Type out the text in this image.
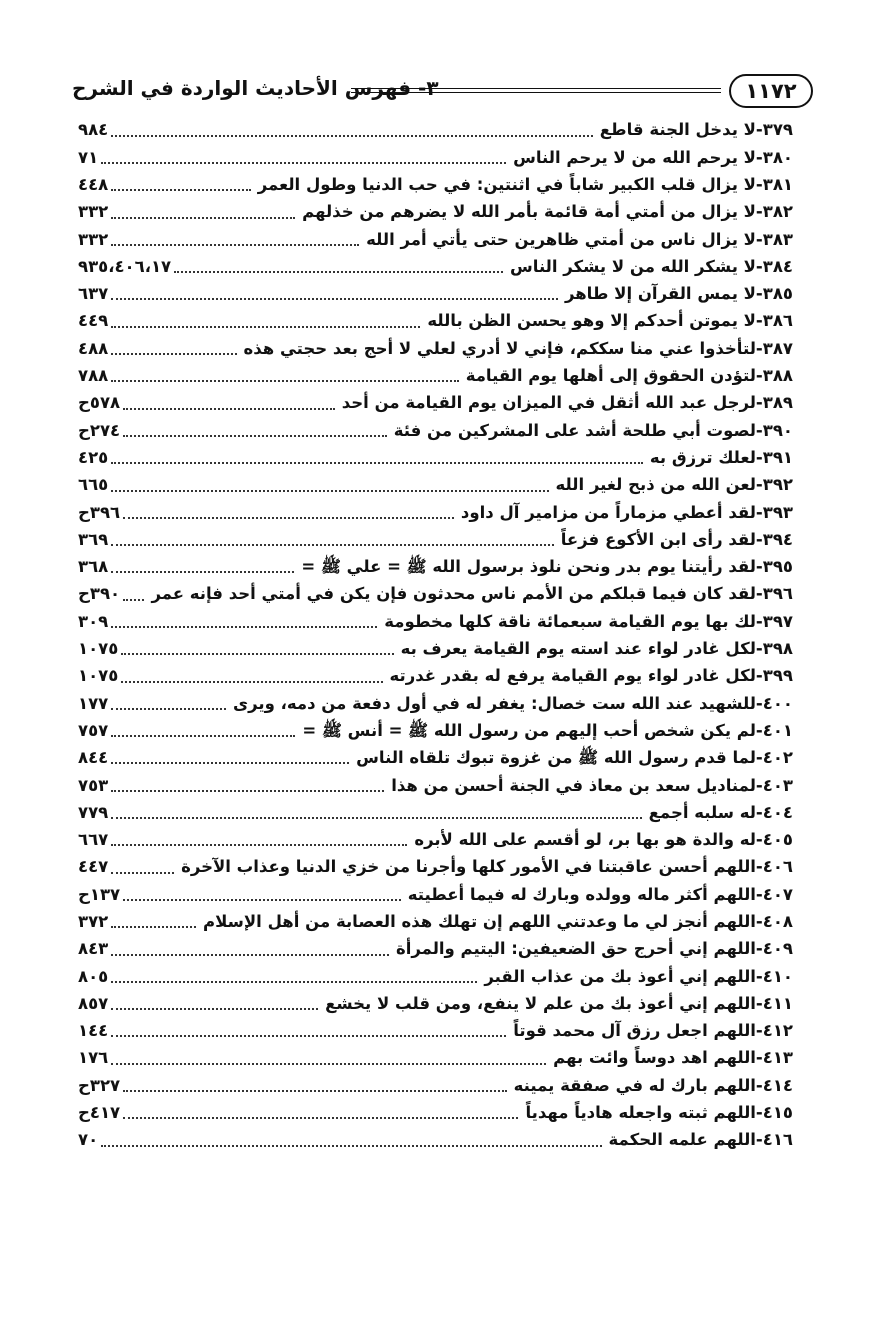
١١٧٢
٣- فهرس الأحاديث الواردة في الشرح
٣٧٩-لا يدخل الجنة قاطع
٩٨٤
٣٨٠-لا يرحم الله من لا يرحم الناس
٧١
٣٨١-لا يزال قلب الكبير شاباً في اثنتين: في حب الدنيا وطول العمر
٤٤٨
٣٨٢-لا يزال من أمتي أمة قائمة بأمر الله لا يضرهم من خذلهم
٣٣٢
٣٨٣-لا يزال ناس من أمتي ظاهرين حتى يأتي أمر الله
٣٣٢
٣٨٤-لا يشكر الله من لا يشكر الناس
٩٣٥،٤٠٦،١٧
٣٨٥-لا يمس القرآن إلا طاهر
٦٣٧
٣٨٦-لا يموتن أحدكم إلا وهو يحسن الظن بالله
٤٤٩
٣٨٧-لتأخذوا عني منا سككم، فإني لا أدري لعلي لا أحج بعد حجتي هذه
٤٨٨
٣٨٨-لتؤدن الحقوق إلى أهلها يوم القيامة
٧٨٨
٣٨٩-لرجل عبد الله أثقل في الميزان يوم القيامة من أحد
٥٧٨ح
٣٩٠-لصوت أبي طلحة أشد على المشركين من فئة
٢٧٤ح
٣٩١-لعلك ترزق به
٤٢٥
٣٩٢-لعن الله من ذبح لغير الله
٦٦٥
٣٩٣-لقد أعطي مزماراً من مزامير آل داود
٣٩٦ح
٣٩٤-لقد رأى ابن الأكوع فزعاً
٣٦٩
٣٩٥-لقد رأيتنا يوم بدر ونحن نلوذ برسول الله ﷺ = علي ﷺ =
٣٦٨
٣٩٦-لقد كان فيما قبلكم من الأمم ناس محدثون فإن يكن في أمتي أحد فإنه عمر
٣٩٠ح
٣٩٧-لك بها يوم القيامة سبعمائة ناقة كلها مخطومة
٣٠٩
٣٩٨-لكل غادر لواء عند استه يوم القيامة يعرف به
١٠٧٥
٣٩٩-لكل غادر لواء يوم القيامة يرفع له بقدر غدرته
١٠٧٥
٤٠٠-للشهيد عند الله ست خصال: يغفر له في أول دفعة من دمه، ويرى
١٧٧
٤٠١-لم يكن شخص أحب إليهم من رسول الله ﷺ = أنس ﷺ =
٧٥٧
٤٠٢-لما قدم رسول الله ﷺ من غزوة تبوك تلقاه الناس
٨٤٤
٤٠٣-لمناديل سعد بن معاذ في الجنة أحسن من هذا
٧٥٣
٤٠٤-له سلبه أجمع
٧٧٩
٤٠٥-له والدة هو بها بر، لو أقسم على الله لأبره
٦٦٧
٤٠٦-اللهم أحسن عاقبتنا في الأمور كلها وأجرنا من خزي الدنيا وعذاب الآخرة
٤٤٧
٤٠٧-اللهم أكثر ماله وولده وبارك له فيما أعطيته
١٣٧ح
٤٠٨-اللهم أنجز لي ما وعدتني اللهم إن تهلك هذه العصابة من أهل الإسلام
٣٧٢
٤٠٩-اللهم إني أحرج حق الضعيفين: اليتيم والمرأة
٨٤٣
٤١٠-اللهم إني أعوذ بك من عذاب القبر
٨٠٥
٤١١-اللهم إني أعوذ بك من علم لا ينفع، ومن قلب لا يخشع
٨٥٧
٤١٢-اللهم اجعل رزق آل محمد قوتاً
١٤٤
٤١٣-اللهم اهد دوساً وائت بهم
١٧٦
٤١٤-اللهم بارك له في صفقة يمينه
٣٢٧ح
٤١٥-اللهم ثبته واجعله هادياً مهدياً
٤١٧ح
٤١٦-اللهم علمه الحكمة
٧٠
